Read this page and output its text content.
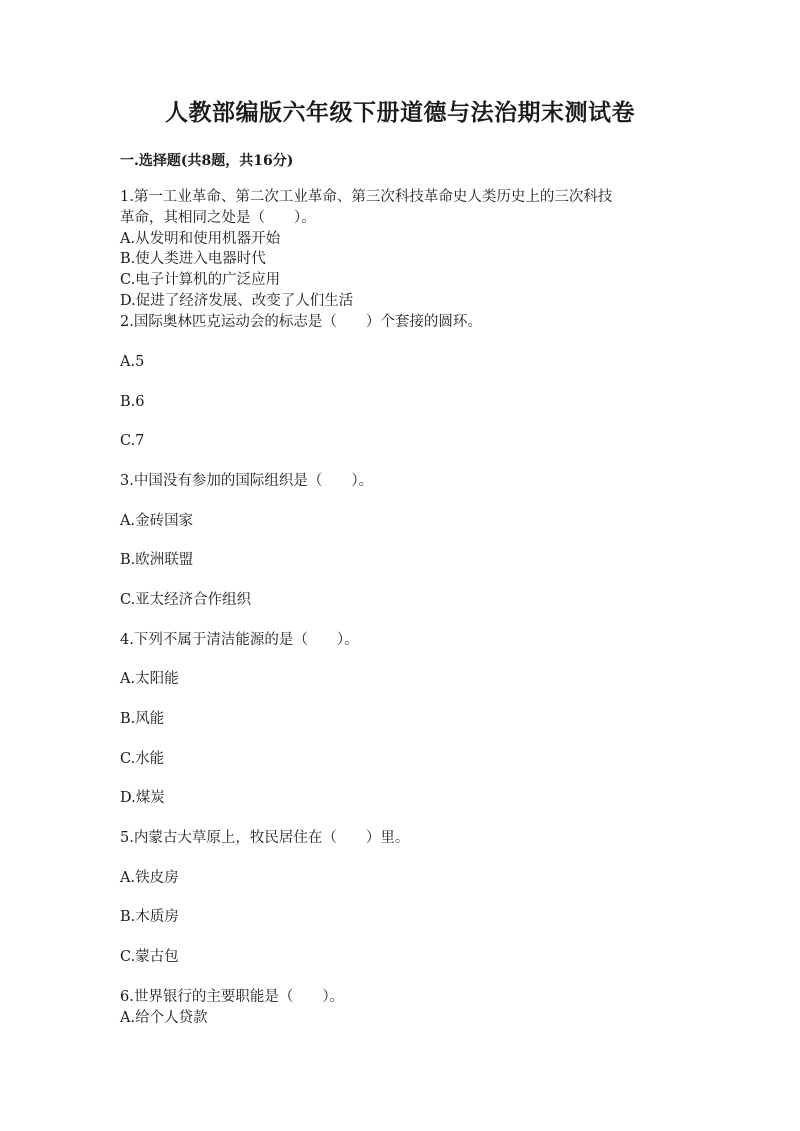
人教部编版六年级下册道德与法治期末测试卷
一.选择题(共8题，共16分)
1.第一工业革命、第二次工业革命、第三次科技革命史人类历史上的三次科技
革命，其相同之处是（　　）。
A.从发明和使用机器开始
B.使人类进入电器时代
C.电子计算机的广泛应用
D.促进了经济发展、改变了人们生活
2.国际奥林匹克运动会的标志是（　　）个套接的圆环。
A.5
B.6
C.7
3.中国没有参加的国际组织是（　　）。
A.金砖国家
B.欧洲联盟
C.亚太经济合作组织
4.下列不属于清洁能源的是（　　）。
A.太阳能
B.风能
C.水能
D.煤炭
5.内蒙古大草原上，牧民居住在（　　）里。
A.铁皮房
B.木质房
C.蒙古包
6.世界银行的主要职能是（　　）。
A.给个人贷款
